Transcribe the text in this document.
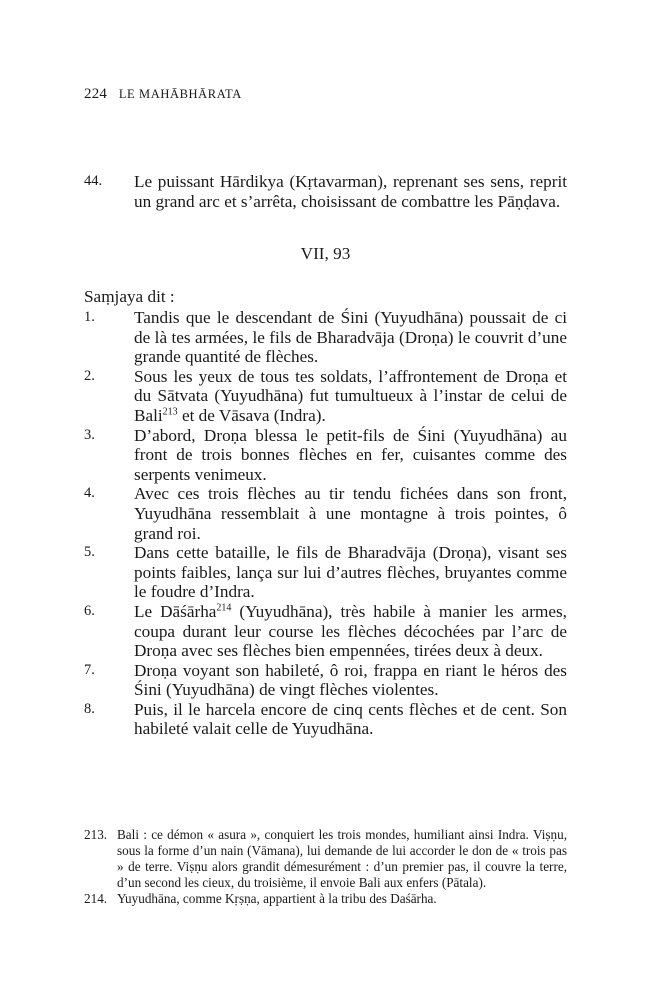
224 LE MAHĀBHĀRATA
44. Le puissant Hārdikya (Kṛtavarman), reprenant ses sens, reprit un grand arc et s’arrêta, choisissant de combattre les Pāṇḍava.
VII, 93
Saṃjaya dit :
1. Tandis que le descendant de Śini (Yuyudhāna) poussait de ci de là tes armées, le fils de Bharadvāja (Droṇa) le couvrit d’une grande quantité de flèches.
2. Sous les yeux de tous tes soldats, l’affrontement de Droṇa et du Sātvata (Yuyudhāna) fut tumultueux à l’instar de celui de Bali$^{213}$ et de Vāsava (Indra).
3. D’abord, Droṇa blessa le petit-fils de Śini (Yuyudhāna) au front de trois bonnes flèches en fer, cuisantes comme des serpents venimeux.
4. Avec ces trois flèches au tir tendu fichées dans son front, Yuyudhāna ressemblait à une montagne à trois pointes, ô grand roi.
5. Dans cette bataille, le fils de Bharadvāja (Droṇa), visant ses points faibles, lança sur lui d’autres flèches, bruyantes comme le foudre d’Indra.
6. Le Dāśārha$^{214}$ (Yuyudhāna), très habile à manier les armes, coupa durant leur course les flèches décochées par l’arc de Droṇa avec ses flèches bien empennées, tirées deux à deux.
7. Droṇa voyant son habileté, ô roi, frappa en riant le héros des Śini (Yuyudhāna) de vingt flèches violentes.
8. Puis, il le harcela encore de cinq cents flèches et de cent. Son habileté valait celle de Yuyudhāna.
213. Bali : ce démon « asura », conquiert les trois mondes, humiliant ainsi Indra. Viṣṇu, sous la forme d’un nain (Vāmana), lui demande de lui accorder le don de « trois pas » de terre. Viṣṇu alors grandit démesurément : d’un premier pas, il couvre la terre, d’un second les cieux, du troisième, il envoie Bali aux enfers (Pātala).
214. Yuyudhāna, comme Kṛṣṇa, appartient à la tribu des Daśārha.
